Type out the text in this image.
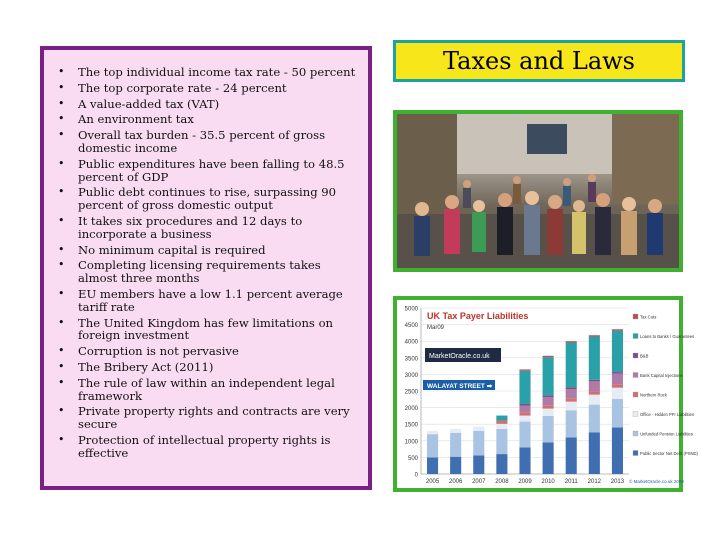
• The top individual income tax rate - 50 percent
• The top corporate rate - 24 percent
• A value-added tax (VAT)
• An environment tax
• Overall tax burden - 35.5 percent of gross domestic income
• Public expenditures have been falling to 48.5 percent of GDP
• Public debt continues to rise, surpassing 90 percent of gross domestic output
• It takes six procedures and 12 days to incorporate a business
• No minimum capital is required
• Completing licensing requirements takes almost three months
• EU members have a low 1.1 percent average tariff rate
• The United Kingdom has few limitations on foreign investment
• Corruption is not pervasive
• The Bribery Act (2011)
• The rule of law within an independent legal framework
• Private property rights and contracts are very secure
• Protection of intellectual property rights is effective
Taxes and Laws
0
500
1000
1500
2000
2500
3000
3500
4000
4500
5000
2005 2006 2007 2008 2009 2010 2011 2012 2013
UK Tax Payer Liabilities
Mar09
MarketOracle.co.uk
WALAYAT STREET ➡
Tax Cuts
Loans to Banks / Guarantees
B&B
Bank Capital Injections
Northern Rock
Office - Hidden PFI Liabilities
Unfunded Pension Liabilities
Public Sector Net Debt (PSND)
© MarketOracle.co.uk 2009
